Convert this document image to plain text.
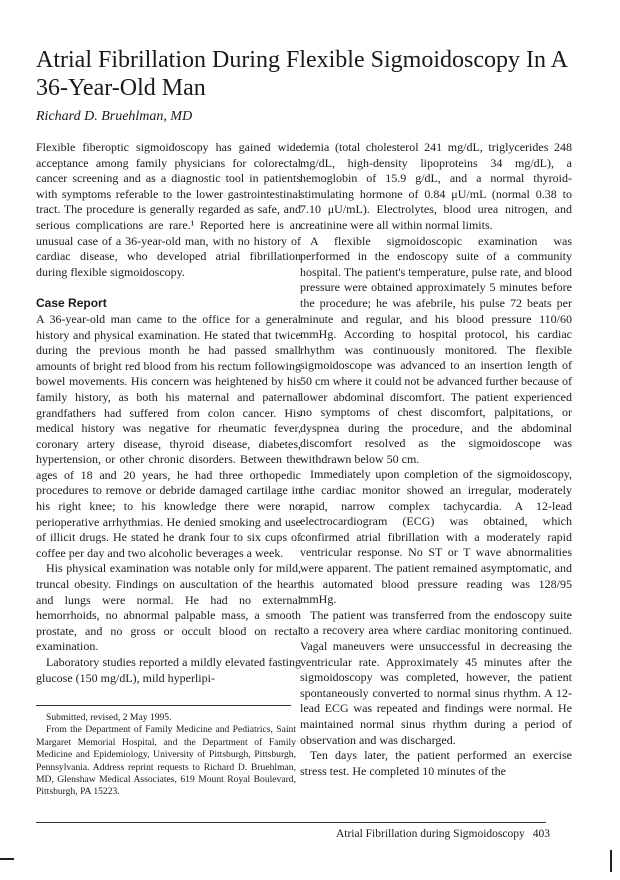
Atrial Fibrillation During Flexible Sigmoidoscopy In A 36-Year-Old Man
Richard D. Bruehlman, MD

Flexible fiberoptic sigmoidoscopy has gained wide acceptance among family physicians for colorectal cancer screening and as a diagnostic tool in patients with symptoms referable to the lower gastrointestinal tract. The procedure is generally regarded as safe, and serious complications are rare.¹ Reported here is an unusual case of a 36-year-old man, with no history of cardiac disease, who developed atrial fibrillation during flexible sigmoidoscopy.

Case Report

A 36-year-old man came to the office for a general history and physical examination. He stated that twice during the previous month he had passed small amounts of bright red blood from his rectum following bowel movements. His concern was heightened by his family history, as both his maternal and paternal grandfathers had suffered from colon cancer. His medical history was negative for rheumatic fever, coronary artery disease, thyroid disease, diabetes, hypertension, or other chronic disorders. Between the ages of 18 and 20 years, he had three orthopedic procedures to remove or debride damaged cartilage in his right knee; to his knowledge there were no perioperative arrhythmias. He denied smoking and use of illicit drugs. He stated he drank four to six cups of coffee per day and two alcoholic beverages a week.

His physical examination was notable only for mild, truncal obesity. Findings on auscultation of the heart and lungs were normal. He had no external hemorrhoids, no abnormal palpable mass, a smooth prostate, and no gross or occult blood on rectal examination.

Laboratory studies reported a mildly elevated fasting glucose (150 mg/dL), mild hyperlipi-

demia (total cholesterol 241 mg/dL, triglycerides 248 mg/dL, high-density lipoproteins 34 mg/dL), a hemoglobin of 15.9 g/dL, and a normal thyroid-stimulating hormone of 0.84 μU/mL (normal 0.38 to 7.10 μU/mL). Electrolytes, blood urea nitrogen, and creatinine were all within normal limits.

A flexible sigmoidoscopic examination was performed in the endoscopy suite of a community hospital. The patient's temperature, pulse rate, and blood pressure were obtained approximately 5 minutes before the procedure; he was afebrile, his pulse 72 beats per minute and regular, and his blood pressure 110/60 mmHg. According to hospital protocol, his cardiac rhythm was continuously monitored. The flexible sigmoidoscope was advanced to an insertion length of 50 cm where it could not be advanced further because of lower abdominal discomfort. The patient experienced no symptoms of chest discomfort, palpitations, or dyspnea during the procedure, and the abdominal discomfort resolved as the sigmoidoscope was withdrawn below 50 cm.

Immediately upon completion of the sigmoidoscopy, the cardiac monitor showed an irregular, moderately rapid, narrow complex tachycardia. A 12-lead electrocardiogram (ECG) was obtained, which confirmed atrial fibrillation with a moderately rapid ventricular response. No ST or T wave abnormalities were apparent. The patient remained asymptomatic, and his automated blood pressure reading was 128/95 mmHg.

The patient was transferred from the endoscopy suite to a recovery area where cardiac monitoring continued. Vagal maneuvers were unsuccessful in decreasing the ventricular rate. Approximately 45 minutes after the sigmoidoscopy was completed, however, the patient spontaneously converted to normal sinus rhythm. A 12-lead ECG was repeated and findings were normal. He maintained normal sinus rhythm during a period of observation and was discharged.

Ten days later, the patient performed an exercise stress test. He completed 10 minutes of the

Submitted, revised, 2 May 1995.

From the Department of Family Medicine and Pediatrics, Saint Margaret Memorial Hospital, and the Department of Family Medicine and Epidemiology, University of Pittsburgh, Pittsburgh, Pennsylvania. Address reprint requests to Richard D. Bruehlman, MD, Glenshaw Medical Associates, 619 Mount Royal Boulevard, Pittsburgh, PA 15223.

Atrial Fibrillation during Sigmoidoscopy 403
